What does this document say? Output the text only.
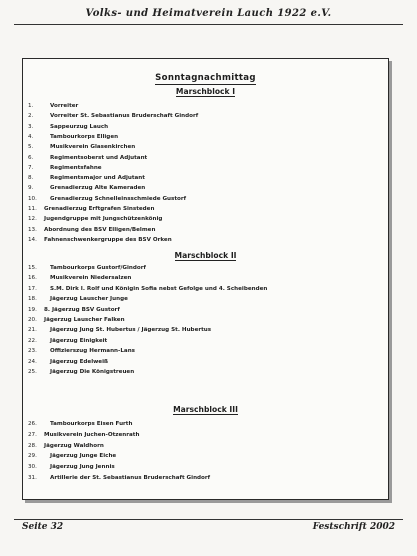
Volks- und Heimatverein Lauch 1922 e.V.
Sonntagnachmittag
Marschblock I
1.	Vorreiter
2.	Vorreiter St. Sebastianus Bruderschaft Gindorf
3.	Sappeurzug Lauch
4.	Tambourkorps Elligen
5.	Musikverein Glasenkirchen
6.	Regimentsoberst und Adjutant
7.	Regimentsfahne
8.	Regimentsmajor und Adjutant
9.	Grenadierzug Alte Kameraden
10.	Grenadierzug Schnelleinsschmiede Gustorf
11.	Grenadierzug Erftgrafen Sinsteden
12.	Jugendgruppe mit Jungschützenkönig
13.	Abordnung des BSV Elligen/Belmen
14.	Fahnenschwenkergruppe des BSV Orken
Marschblock II
15.	Tambourkorps Gustorf/Gindorf
16.	Musikverein Niedersalzen
17.	S.M. Dirk I. Rolf und Königin Sofia nebst Gefolge und 4. Scheibenden
18.	Jägerzug Lauscher Junge
19.	8. Jägerzug BSV Gustorf
20.	Jägerzug Lauscher Falken
21.	Jägerzug Jung St. Hubertus / Jägerzug St. Hubertus
22.	Jägerzug Einigkeit
23.	Offizierszug Hermann-Lans
24.	Jägerzug Edelweiß
25.	Jägerzug Die Königstreuen
Marschblock III
26.	Tambourkorps Eisen Furth
27.	Musikverein Juchen-Otzenrath
28.	Jägerzug Waldhorn
29.	Jägerzug Junge Eiche
30.	Jägerzug Jung Jennis
31.	Artillerie der St. Sebastianus Bruderschaft Gindorf
Seite 32	Festschrift 2002
